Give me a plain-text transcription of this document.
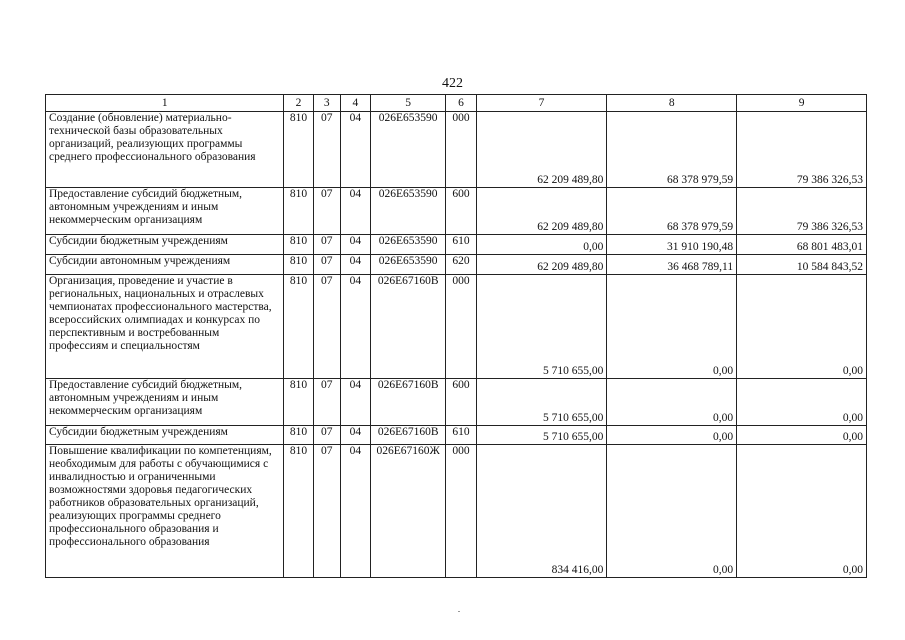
422
1	2	3	4	5	6	7	8	9
Создание (обновление) материально-технической базы образовательных организаций, реализующих программы среднего профессионального образования	810	07	04	026E653590	000	62 209 489,80	68 378 979,59	79 386 326,53
Предоставление субсидий бюджетным, автономным учреждениям и иным некоммерческим организациям	810	07	04	026E653590	600	62 209 489,80	68 378 979,59	79 386 326,53
Субсидии бюджетным учреждениям	810	07	04	026E653590	610	0,00	31 910 190,48	68 801 483,01
Субсидии автономным учреждениям	810	07	04	026E653590	620	62 209 489,80	36 468 789,11	10 584 843,52
Организация, проведение и участие в региональных, национальных и отраслевых чемпионатах профессионального мастерства, всероссийских олимпиадах и конкурсах по перспективным и востребованным профессиям и специальностям	810	07	04	026E67160В	000	5 710 655,00	0,00	0,00
Предоставление субсидий бюджетным, автономным учреждениям и иным некоммерческим организациям	810	07	04	026E67160В	600	5 710 655,00	0,00	0,00
Субсидии бюджетным учреждениям	810	07	04	026E67160В	610	5 710 655,00	0,00	0,00
Повышение квалификации по компетенциям, необходимым для работы с обучающимися с инвалидностью и ограниченными возможностями здоровья педагогических работников образовательных организаций, реализующих программы среднего профессионального образования и профессионального образования	810	07	04	026E67160Ж	000	834 416,00	0,00	0,00
